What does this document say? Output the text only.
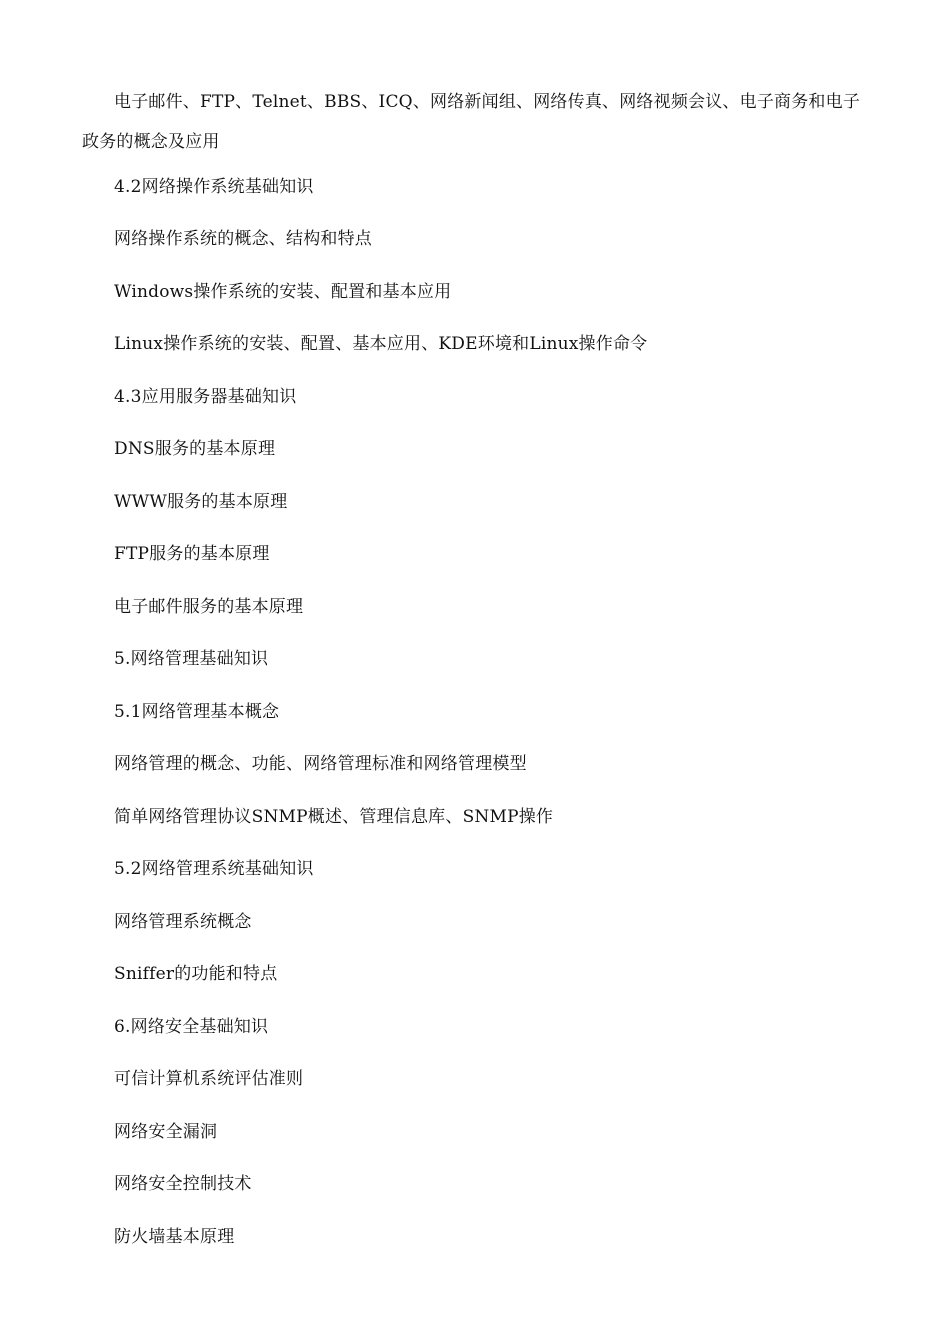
电子邮件、FTP、Telnet、BBS、ICQ、网络新闻组、网络传真、网络视频会议、电子商务和电子政务的概念及应用

4.2网络操作系统基础知识
网络操作系统的概念、结构和特点
Windows操作系统的安装、配置和基本应用
Linux操作系统的安装、配置、基本应用、KDE环境和Linux操作命令
4.3应用服务器基础知识
DNS服务的基本原理
WWW服务的基本原理
FTP服务的基本原理
电子邮件服务的基本原理
5.网络管理基础知识
5.1网络管理基本概念
网络管理的概念、功能、网络管理标准和网络管理模型
简单网络管理协议SNMP概述、管理信息库、SNMP操作
5.2网络管理系统基础知识
网络管理系统概念
Sniffer的功能和特点
6.网络安全基础知识
可信计算机系统评估准则
网络安全漏洞
网络安全控制技术
防火墙基本原理
